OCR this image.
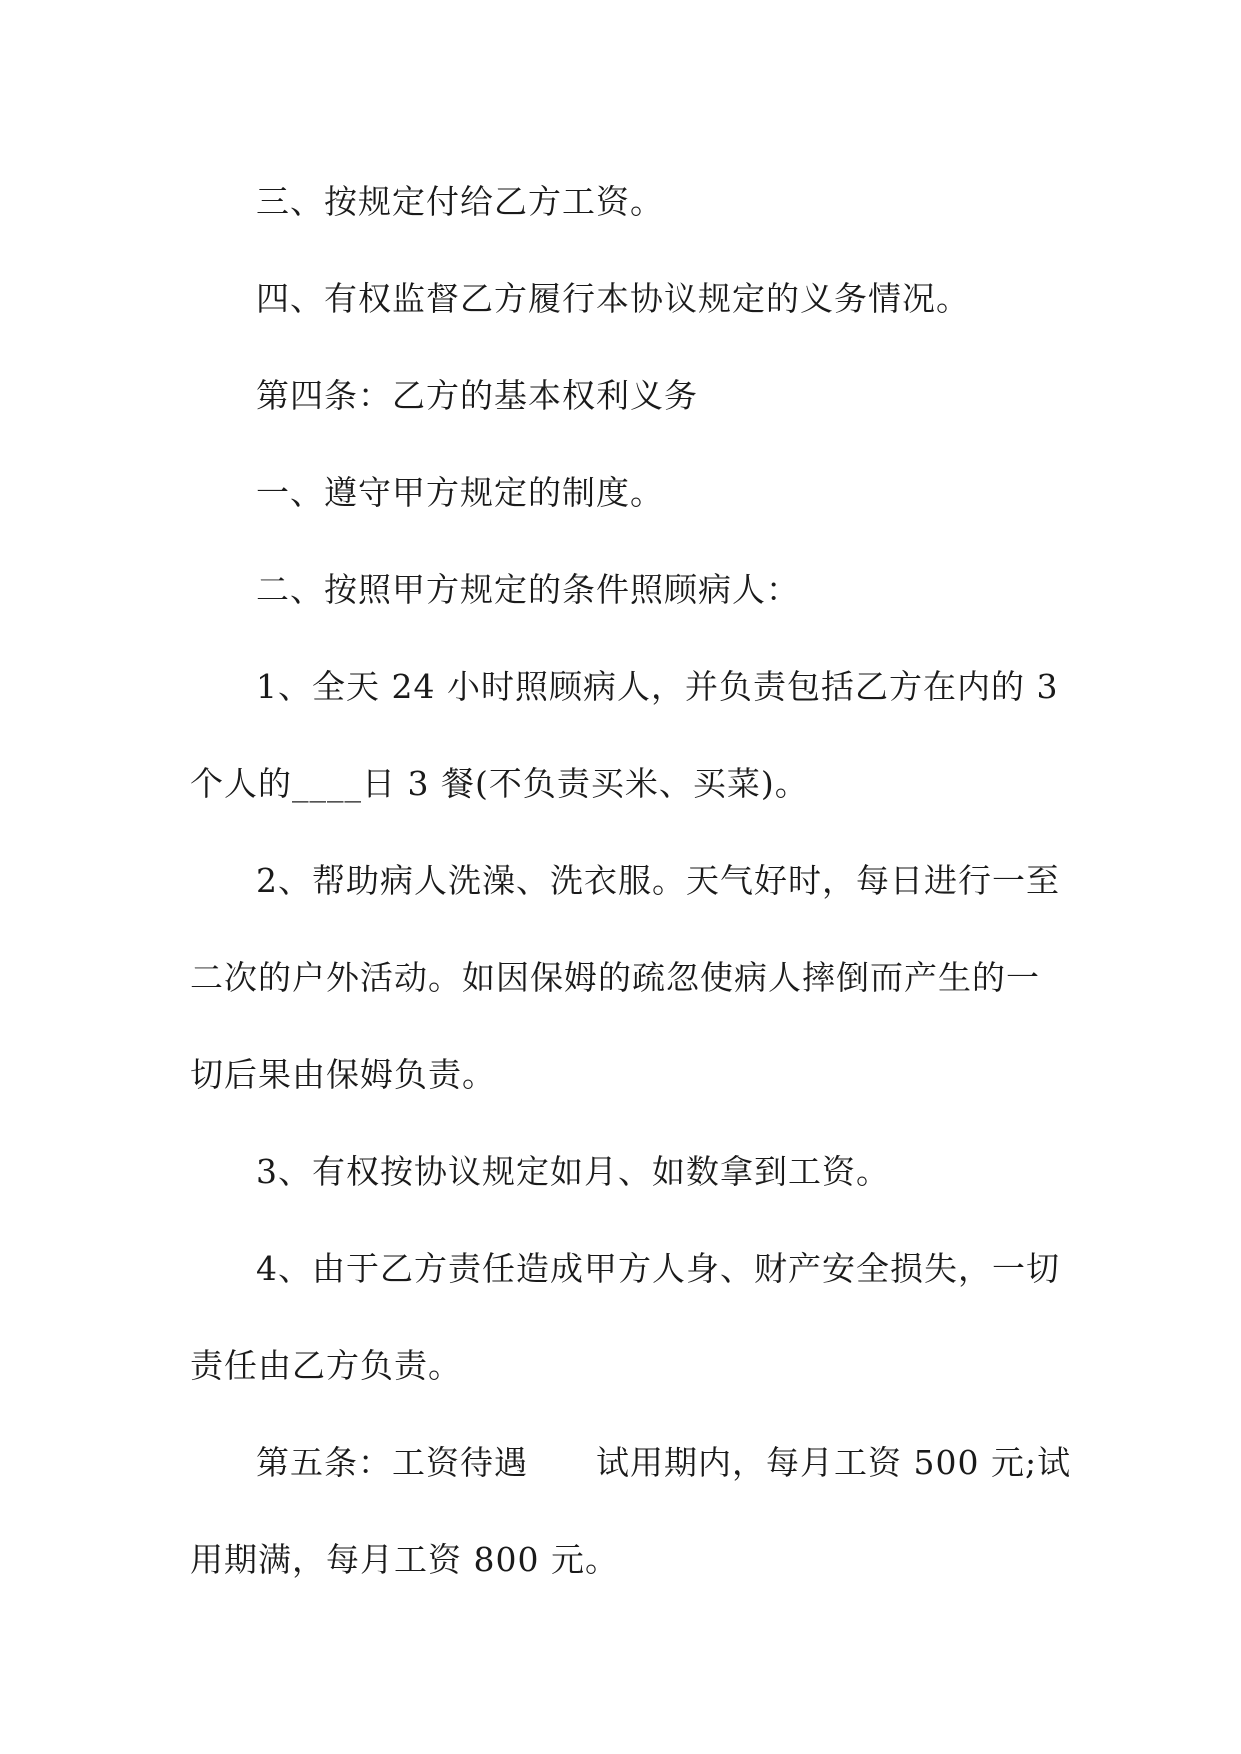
三、按规定付给乙方工资。
四、有权监督乙方履行本协议规定的义务情况。
第四条：乙方的基本权利义务
一、遵守甲方规定的制度。
二、按照甲方规定的条件照顾病人：
1、全天 24 小时照顾病人，并负责包括乙方在内的 3
个人的____日 3 餐(不负责买米、买菜)。
2、帮助病人洗澡、洗衣服。天气好时，每日进行一至
二次的户外活动。如因保姆的疏忽使病人摔倒而产生的一
切后果由保姆负责。
3、有权按协议规定如月、如数拿到工资。
4、由于乙方责任造成甲方人身、财产安全损失，一切
责任由乙方负责。
第五条：工资待遇　　试用期内，每月工资 500 元;试
用期满，每月工资 800 元。
